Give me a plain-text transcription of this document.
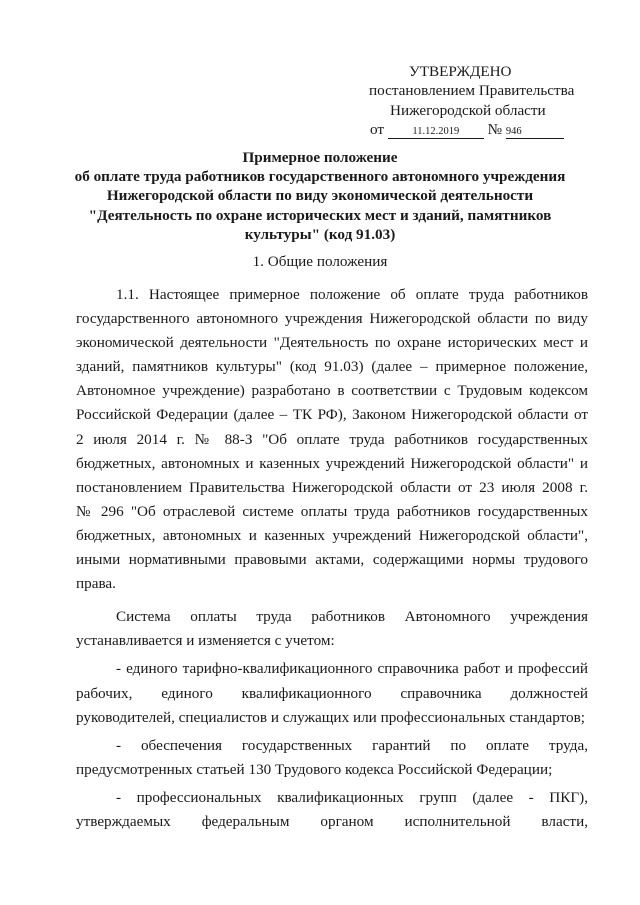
УТВЕРЖДЕНО
постановлением Правительства
Нижегородской области
от	11.12.2019 № 946
Примерное положение
об оплате труда работников государственного автономного учреждения
Нижегородской области по виду экономической деятельности
"Деятельность по охране исторических мест и зданий, памятников
культуры" (код 91.03)
1. Общие положения
1.1. Настоящее примерное положение об оплате труда работников
государственного автономного учреждения Нижегородской области по виду
экономической деятельности "Деятельность по охране исторических мест и
зданий, памятников культуры" (код 91.03) (далее – примерное положение,
Автономное учреждение) разработано в соответствии с Трудовым кодексом
Российской Федерации (далее – ТК РФ), Законом Нижегородской области от
2 июля 2014 г. № 88-З "Об оплате труда работников государственных
бюджетных, автономных и казенных учреждений Нижегородской области" и
постановлением Правительства Нижегородской области от 23 июля 2008 г.
№ 296 "Об отраслевой системе оплаты труда работников государственных
бюджетных, автономных и казенных учреждений Нижегородской области",
иными нормативными правовыми актами, содержащими нормы трудового
права.
Система оплаты труда работников Автономного учреждения
устанавливается и изменяется с учетом:
- единого тарифно-квалификационного справочника работ и профессий
рабочих, единого квалификационного справочника должностей
руководителей, специалистов и служащих или профессиональных стандартов;
- обеспечения государственных гарантий по оплате труда,
предусмотренных статьей 130 Трудового кодекса Российской Федерации;
- профессиональных квалификационных групп (далее - ПКГ),
утверждаемых федеральным органом исполнительной власти,
